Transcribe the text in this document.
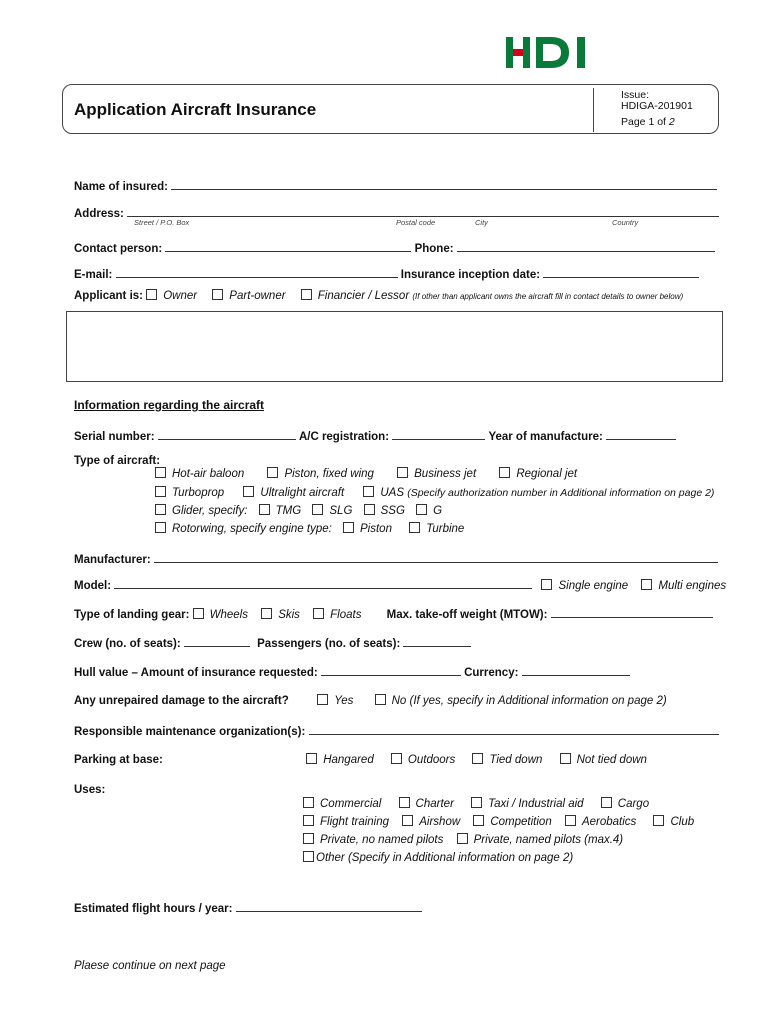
Application Aircraft Insurance
Issue:
HDIGA-201901
Page 1 of 2
Name of insured:
Address:
Street / P.O. Box	Postal code	City	Country
Contact person:	Phone:
E-mail:	Insurance inception date:
Applicant is: Owner	Part-owner	Financier / Lessor (If other than applicant owns the aircraft fill in contact details to owner below)
Information regarding the aircraft
Serial number:	A/C registration:	Year of manufacture:
Type of aircraft:
Hot-air baloon	Piston, fixed wing	Business jet	Regional jet
Turboprop	Ultralight aircraft	UAS (Specify authorization number in Additional information on page 2)
Glider, specify: TMG SLG SSG G
Rotorwing, specify engine type: Piston	Turbine
Manufacturer:
Model:	Single engine	Multi engines
Type of landing gear: Wheels	Skis	Floats Max. take-off weight (MTOW):
Crew (no. of seats):	Passengers (no. of seats):
Hull value – Amount of insurance requested:	Currency:
Any unrepaired damage to the aircraft?	Yes	No (If yes, specify in Additional information on page 2)
Responsible maintenance organization(s):
Parking at base:	Hangared	Outdoors	Tied down	Not tied down
Uses:
Commercial	Charter	Taxi / Industrial aid	Cargo
Flight training	Airshow	Competition	Aerobatics	Club
Private, no named pilots	Private, named pilots (max.4)
Other (Specify in Additional information on page 2)
Estimated flight hours / year:
Plaese continue on next page
